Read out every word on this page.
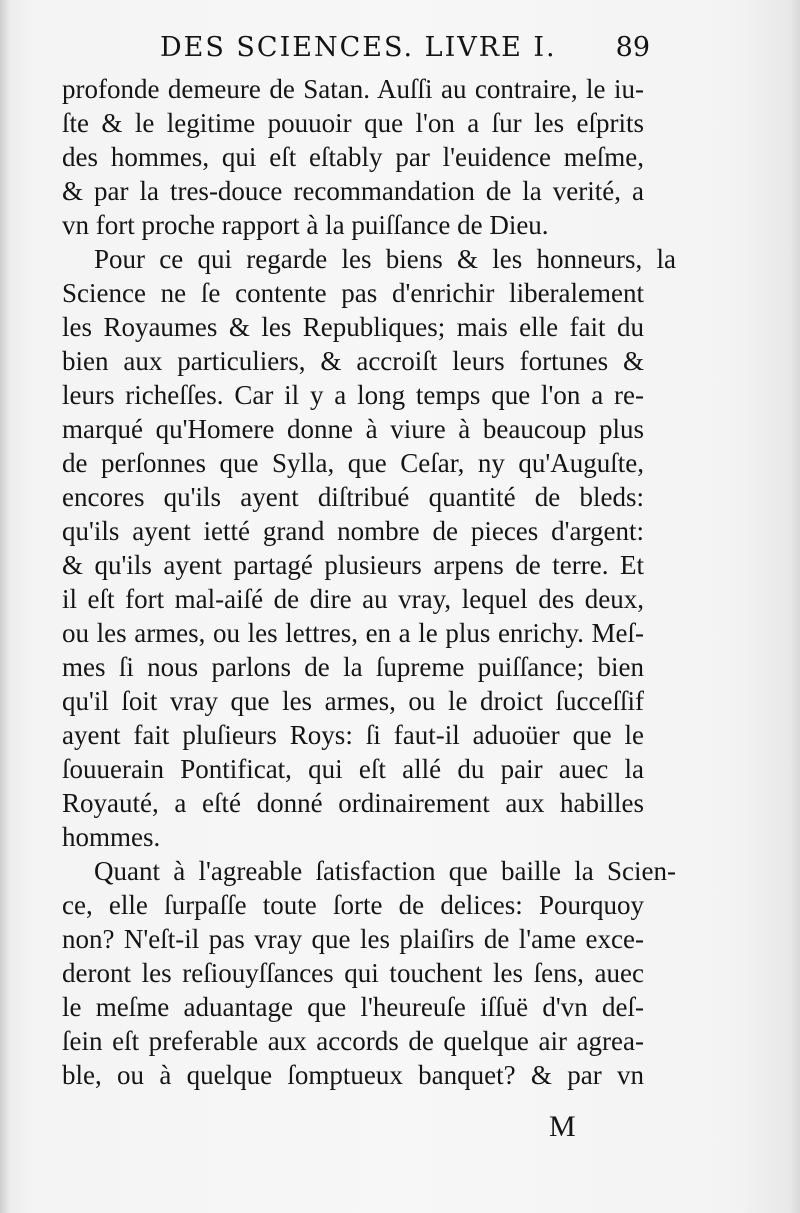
DES SCIENCES. LIVRE I. 89
profonde demeure de Satan. Auſſi au contraire, le iu-
ſte & le legitime pouuoir que l'on a ſur les eſprits
des hommes, qui eſt eſtably par l'euidence meſme,
& par la tres-douce recommandation de la verité, a
vn fort proche rapport à la puiſſance de Dieu.
Pour ce qui regarde les biens & les honneurs, la
Science ne ſe contente pas d'enrichir liberalement
les Royaumes & les Republiques; mais elle fait du
bien aux particuliers, & accroiſt leurs fortunes &
leurs richeſſes. Car il y a long temps que l'on a re-
marqué qu'Homere donne à viure à beaucoup plus
de perſonnes que Sylla, que Ceſar, ny qu'Auguſte,
encores qu'ils ayent diſtribué quantité de bleds:
qu'ils ayent ietté grand nombre de pieces d'argent:
& qu'ils ayent partagé plusieurs arpens de terre. Et
il eſt fort mal-aiſé de dire au vray, lequel des deux,
ou les armes, ou les lettres, en a le plus enrichy. Meſ-
mes ſi nous parlons de la ſupreme puiſſance; bien
qu'il ſoit vray que les armes, ou le droict ſucceſſif
ayent fait pluſieurs Roys: ſi faut-il aduoüer que le
ſouuerain Pontificat, qui eſt allé du pair auec la
Royauté, a eſté donné ordinairement aux habilles
hommes.
Quant à l'agreable ſatisfaction que baille la Scien-
ce, elle ſurpaſſe toute ſorte de delices: Pourquoy
non? N'eſt-il pas vray que les plaiſirs de l'ame exce-
deront les reſiouyſſances qui touchent les ſens, auec
le meſme aduantage que l'heureuſe iſſuë d'vn deſ-
ſein eſt preferable aux accords de quelque air agrea-
ble, ou à quelque ſomptueux banquet? & par vn
M
